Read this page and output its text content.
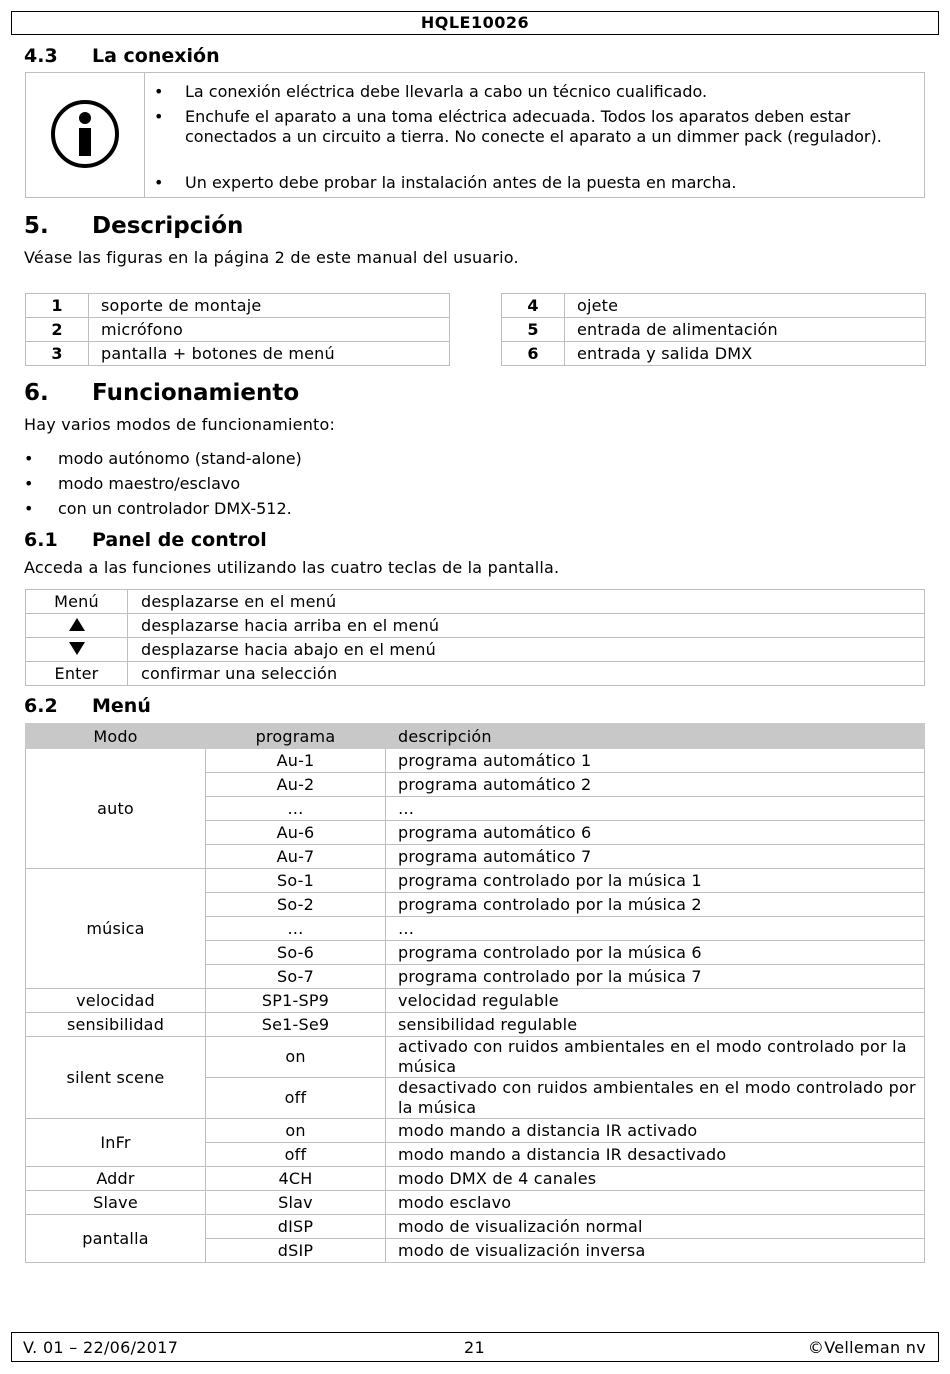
HQLE10026
4.3 La conexión
• La conexión eléctrica debe llevarla a cabo un técnico cualificado.
• Enchufe el aparato a una toma eléctrica adecuada. Todos los aparatos deben estar conectados a un circuito a tierra. No conecte el aparato a un dimmer pack (regulador).
• Un experto debe probar la instalación antes de la puesta en marcha.
5. Descripción
Véase las figuras en la página 2 de este manual del usuario.
1	soporte de montaje
2	micrófono
3	pantalla + botones de menú
4	ojete
5	entrada de alimentación
6	entrada y salida DMX
6. Funcionamiento
Hay varios modos de funcionamiento:
• modo autónomo (stand-alone)
• modo maestro/esclavo
• con un controlador DMX-512.
6.1 Panel de control
Acceda a las funciones utilizando las cuatro teclas de la pantalla.
Menú	desplazarse en el menú
	desplazarse hacia arriba en el menú
	desplazarse hacia abajo en el menú
Enter	confirmar una selección
6.2 Menú
Modo	programa	descripción
auto	Au-1	programa automático 1
	Au-2	programa automático 2
	…	…
	Au-6	programa automático 6
	Au-7	programa automático 7
música	So-1	programa controlado por la música 1
	So-2	programa controlado por la música 2
	…	…
	So-6	programa controlado por la música 6
	So-7	programa controlado por la música 7
velocidad	SP1-SP9	velocidad regulable
sensibilidad	Se1-Se9	sensibilidad regulable
silent scene	on	activado con ruidos ambientales en el modo controlado por la música
	off	desactivado con ruidos ambientales en el modo controlado por la música
InFr	on	modo mando a distancia IR activado
	off	modo mando a distancia IR desactivado
Addr	4CH	modo DMX de 4 canales
Slave	Slav	modo esclavo
pantalla	dISP	modo de visualización normal
	dSIP	modo de visualización inversa
V. 01 – 22/06/2017	21	©Velleman nv
